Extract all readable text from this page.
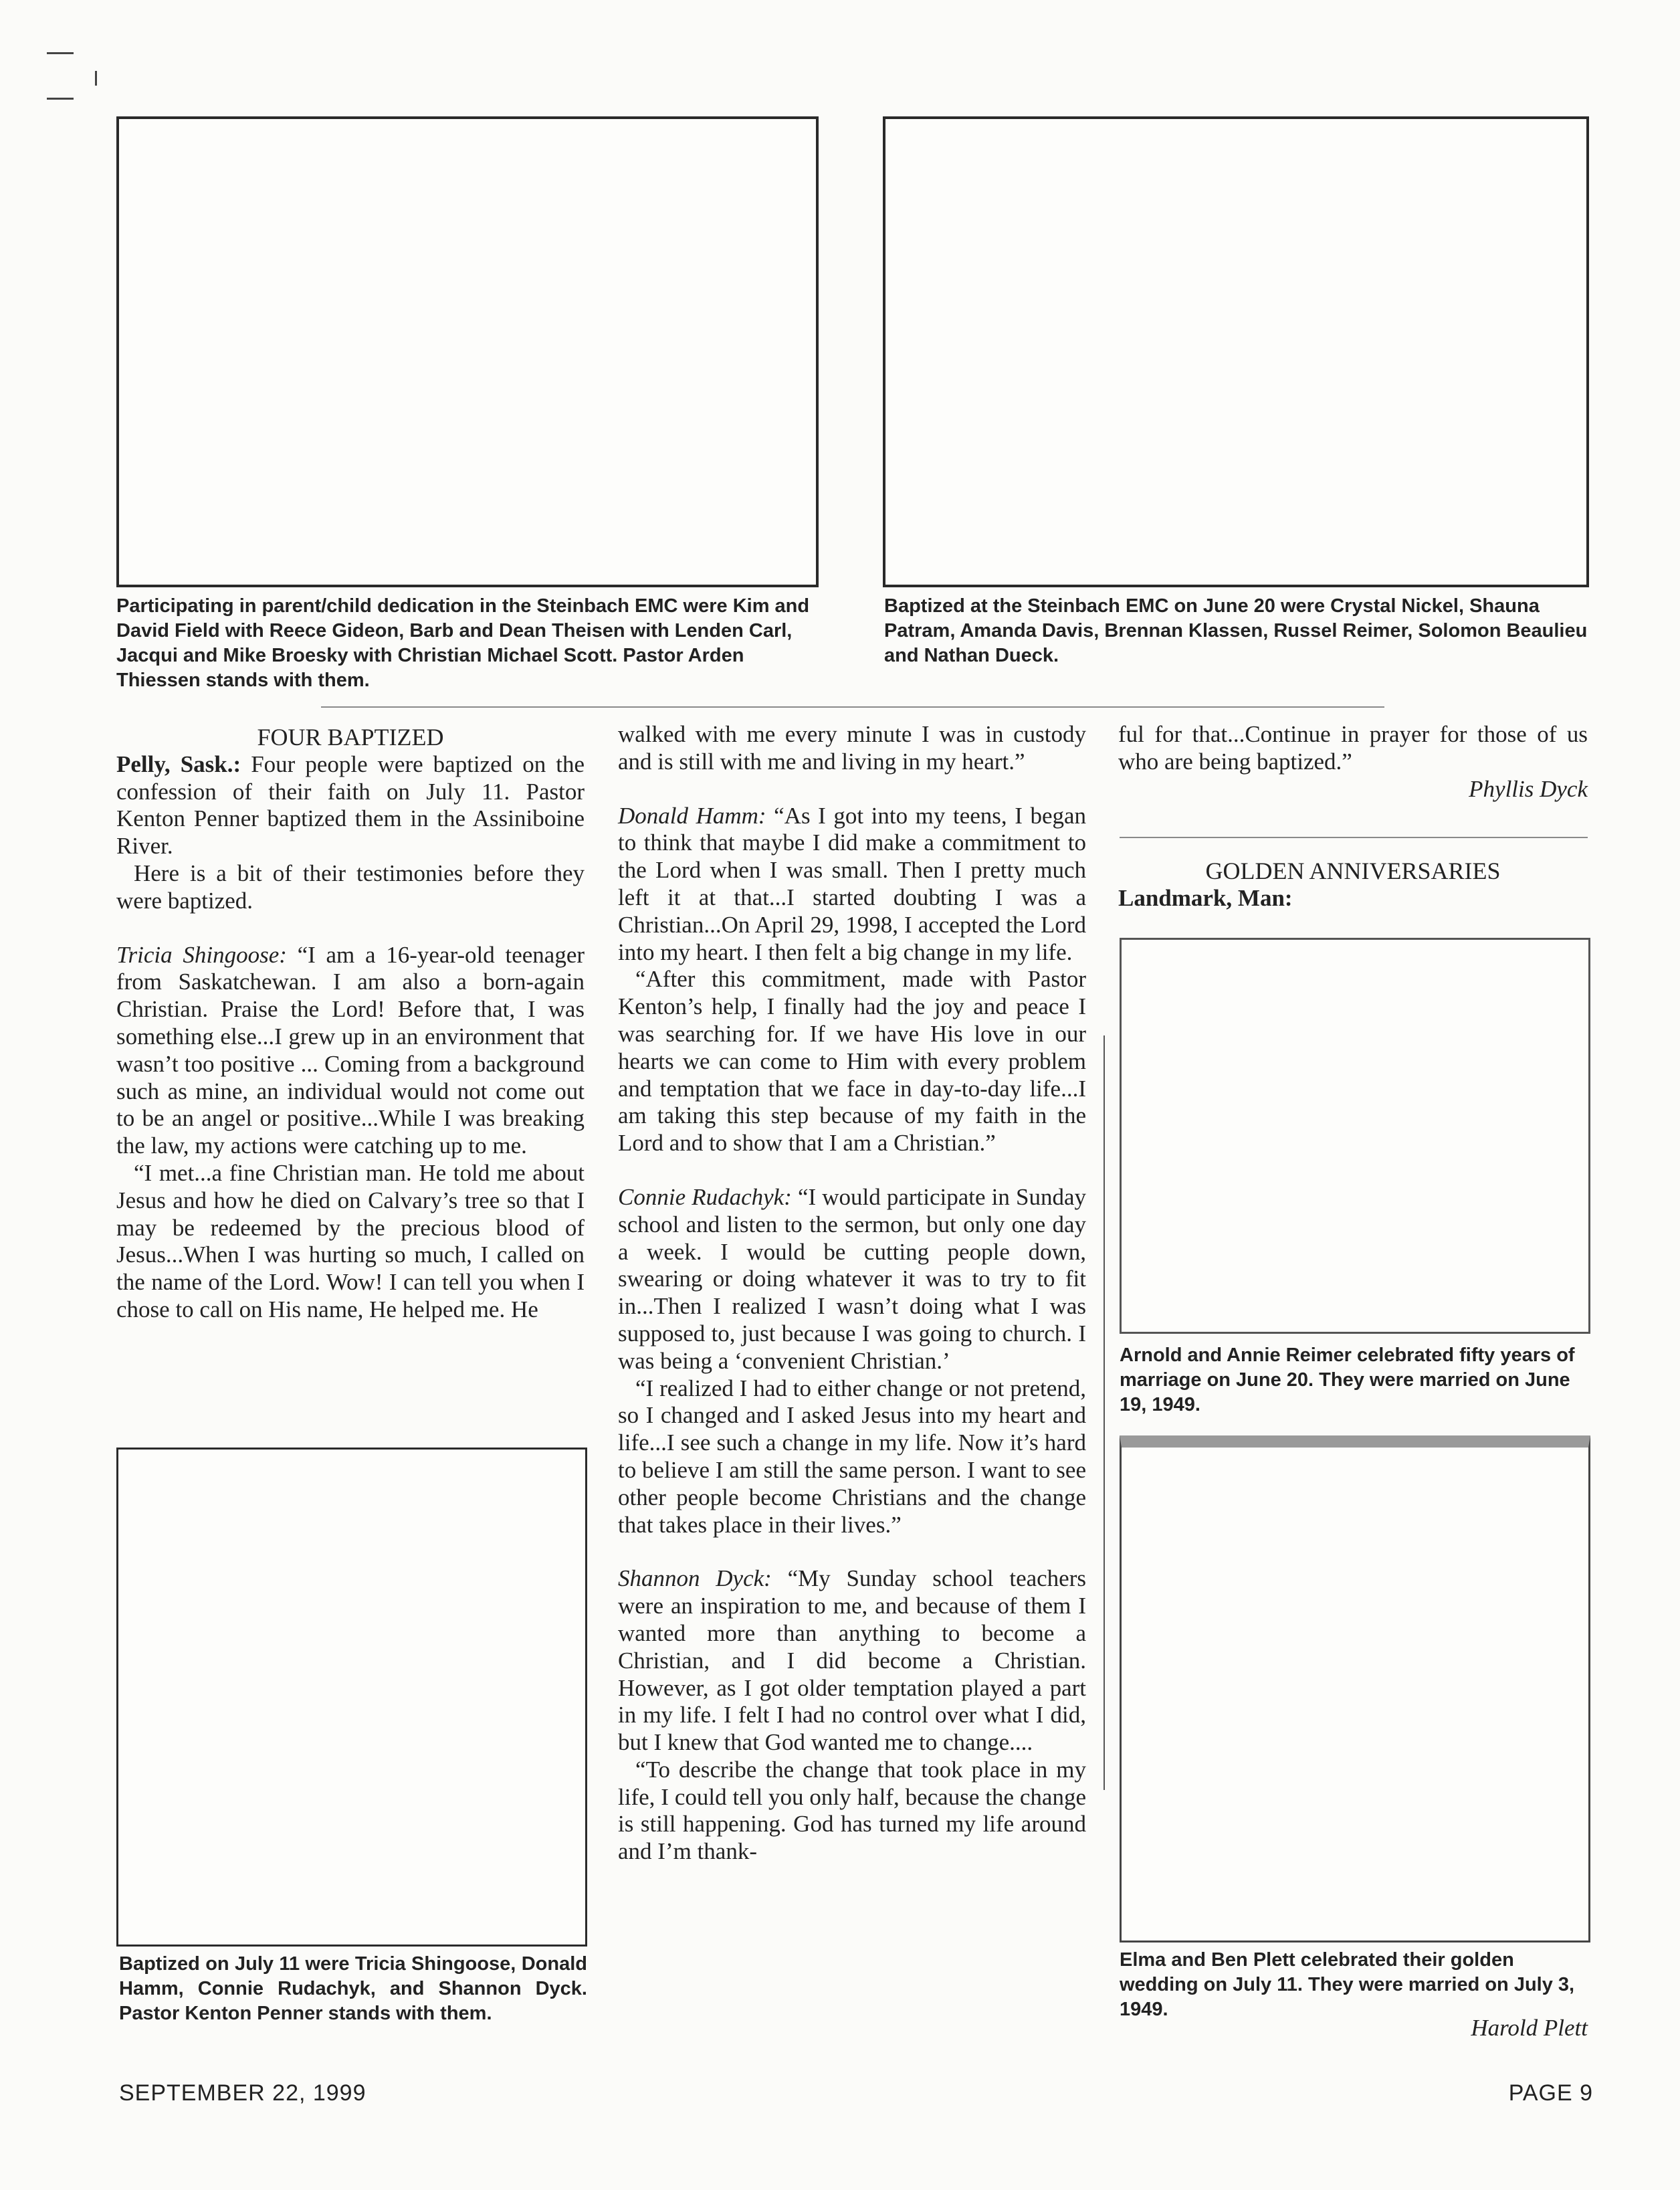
Participating in parent/child dedication in the Steinbach EMC were Kim and David Field with Reece Gideon, Barb and Dean Theisen with Lenden Carl, Jacqui and Mike Broesky with Christian Michael Scott. Pastor Arden Thiessen stands with them.
Baptized at the Steinbach EMC on June 20 were Crystal Nickel, Shauna Patram, Amanda Davis, Brennan Klassen, Russel Reimer, Solomon Beaulieu and Nathan Dueck.

FOUR BAPTIZED

Pelly, Sask.: Four people were baptized on the confession of their faith on July 11. Pastor Kenton Penner baptized them in the Assiniboine River.

Here is a bit of their testimonies before they were baptized.

Tricia Shingoose: “I am a 16-year-old teenager from Saskatchewan. I am also a born-again Christian. Praise the Lord! Before that, I was something else...I grew up in an environment that wasn’t too positive ... Coming from a background such as mine, an individual would not come out to be an angel or positive...While I was breaking the law, my actions were catching up to me.

“I met...a fine Christian man. He told me about Jesus and how he died on Calvary’s tree so that I may be redeemed by the precious blood of Jesus...When I was hurting so much, I called on the name of the Lord. Wow! I can tell you when I chose to call on His name, He helped me. He

Baptized on July 11 were Tricia Shingoose, Donald Hamm, Connie Rudachyk, and Shannon Dyck. Pastor Kenton Penner stands with them.

walked with me every minute I was in custody and is still with me and living in my heart.”

Donald Hamm: “As I got into my teens, I began to think that maybe I did make a commitment to the Lord when I was small. Then I pretty much left it at that...I started doubting I was a Christian...On April 29, 1998, I accepted the Lord into my heart. I then felt a big change in my life.

“After this commitment, made with Pastor Kenton’s help, I finally had the joy and peace I was searching for. If we have His love in our hearts we can come to Him with every problem and temptation that we face in day-to-day life...I am taking this step because of my faith in the Lord and to show that I am a Christian.”

Connie Rudachyk: “I would participate in Sunday school and listen to the sermon, but only one day a week. I would be cutting people down, swearing or doing whatever it was to try to fit in...Then I realized I wasn’t doing what I was supposed to, just because I was going to church. I was being a ‘convenient Christian.’

“I realized I had to either change or not pretend, so I changed and I asked Jesus into my heart and life...I see such a change in my life. Now it’s hard to believe I am still the same person. I want to see other people become Christians and the change that takes place in their lives.”

Shannon Dyck: “My Sunday school teachers were an inspiration to me, and because of them I wanted more than anything to become a Christian, and I did become a Christian. However, as I got older temptation played a part in my life. I felt I had no control over what I did, but I knew that God wanted me to change....

“To describe the change that took place in my life, I could tell you only half, because the change is still happening. God has turned my life around and I’m thank-

ful for that...Continue in prayer for those of us who are being baptized.”

Phyllis Dyck

GOLDEN ANNIVERSARIES

Landmark, Man:

Arnold and Annie Reimer celebrated fifty years of marriage on June 20. They were married on June 19, 1949.
Elma and Ben Plett celebrated their golden wedding on July 11. They were married on July 3, 1949.

Harold Plett

SEPTEMBER 22, 1999	PAGE 9
